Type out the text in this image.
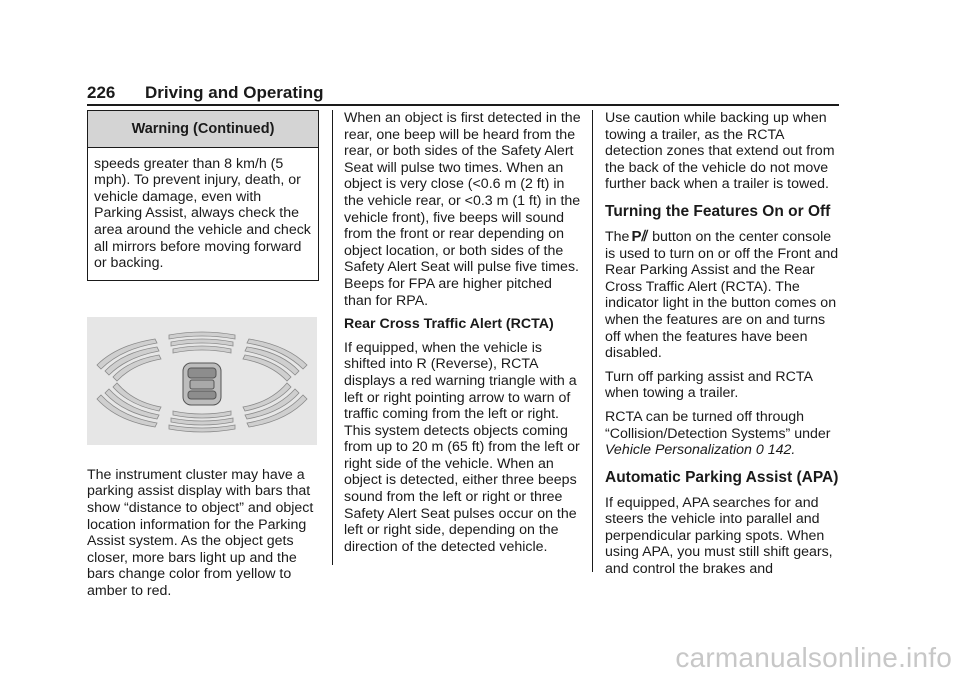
226 Driving and Operating
Warning (Continued)
speeds greater than 8 km/h (5 mph). To prevent injury, death, or vehicle damage, even with Parking Assist, always check the area around the vehicle and check all mirrors before moving forward or backing.

The instrument cluster may have a parking assist display with bars that show “distance to object” and object location information for the Parking Assist system. As the object gets closer, more bars light up and the bars change color from yellow to amber to red.

When an object is first detected in the rear, one beep will be heard from the rear, or both sides of the Safety Alert Seat will pulse two times. When an object is very close (<0.6 m (2 ft) in the vehicle rear, or <0.3 m (1 ft) in the vehicle front), five beeps will sound from the front or rear depending on object location, or both sides of the Safety Alert Seat will pulse five times. Beeps for FPA are higher pitched than for RPA.

Rear Cross Traffic Alert (RCTA)

If equipped, when the vehicle is shifted into R (Reverse), RCTA displays a red warning triangle with a left or right pointing arrow to warn of traffic coming from the left or right. This system detects objects coming from up to 20 m (65 ft) from the left or right side of the vehicle. When an object is detected, either three beeps sound from the left or right or three Safety Alert Seat pulses occur on the left or right side, depending on the direction of the detected vehicle.

Use caution while backing up when towing a trailer, as the RCTA detection zones that extend out from the back of the vehicle do not move further back when a trailer is towed.

Turning the Features On or Off

The P⫽ button on the center console is used to turn on or off the Front and Rear Parking Assist and the Rear Cross Traffic Alert (RCTA). The indicator light in the button comes on when the features are on and turns off when the features have been disabled.

Turn off parking assist and RCTA when towing a trailer.

RCTA can be turned off through “Collision/Detection Systems” under Vehicle Personalization 0 142.

Automatic Parking Assist (APA)

If equipped, APA searches for and steers the vehicle into parallel and perpendicular parking spots. When using APA, you must still shift gears, and control the brakes and

carmanualsonline.info
